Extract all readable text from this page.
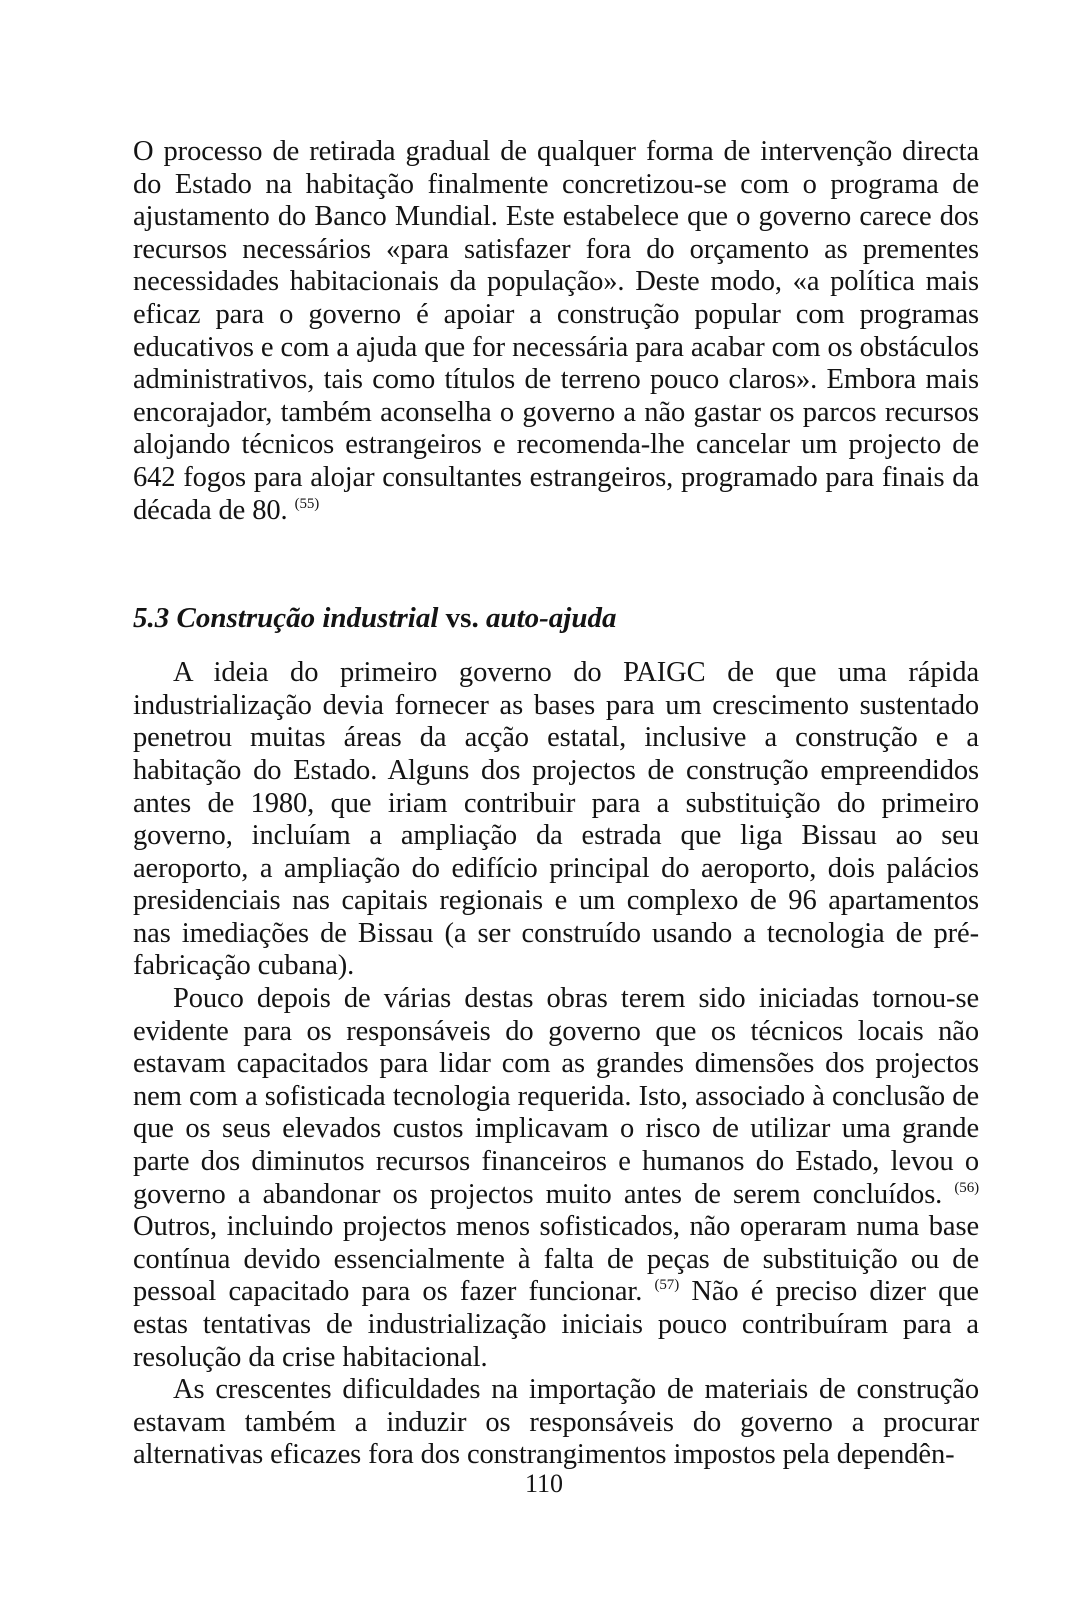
O processo de retirada gradual de qualquer forma de intervenção directa do Estado na habitação finalmente concretizou-se com o programa de ajustamento do Banco Mundial. Este estabelece que o governo carece dos recursos necessários «para satisfazer fora do orçamento as prementes necessidades habitacionais da população». Deste modo, «a política mais eficaz para o governo é apoiar a construção popular com programas educativos e com a ajuda que for necessária para acabar com os obstáculos administrativos, tais como títulos de terreno pouco claros». Embora mais encorajador, também aconselha o governo a não gastar os parcos recursos alojando técnicos estrangeiros e recomenda-lhe cancelar um projecto de 642 fogos para alojar consultantes estrangeiros, programado para finais da década de 80. $^{(55)}$

5.3 Construção industrial vs. auto-ajuda

A ideia do primeiro governo do PAIGC de que uma rápida industrialização devia fornecer as bases para um crescimento sustentado penetrou muitas áreas da acção estatal, inclusive a construção e a habitação do Estado. Alguns dos projectos de construção empreendidos antes de 1980, que iriam contribuir para a substituição do primeiro governo, incluíam a ampliação da estrada que liga Bissau ao seu aeroporto, a ampliação do edifício principal do aeroporto, dois palácios presidenciais nas capitais regionais e um complexo de 96 apartamentos nas imediações de Bissau (a ser construído usando a tecnologia de pré-fabricação cubana).

Pouco depois de várias destas obras terem sido iniciadas tornou-se evidente para os responsáveis do governo que os técnicos locais não estavam capacitados para lidar com as grandes dimensões dos projectos nem com a sofisticada tecnologia requerida. Isto, associado à conclusão de que os seus elevados custos implicavam o risco de utilizar uma grande parte dos diminutos recursos financeiros e humanos do Estado, levou o governo a abandonar os projectos muito antes de serem concluídos. $^{(56)}$ Outros, incluindo projectos menos sofisticados, não operaram numa base contínua devido essencialmente à falta de peças de substituição ou de pessoal capacitado para os fazer funcionar. $^{(57)}$ Não é preciso dizer que estas tentativas de industrialização iniciais pouco contribuíram para a resolução da crise habitacional.

As crescentes dificuldades na importação de materiais de construção estavam também a induzir os responsáveis do governo a procurar alternativas eficazes fora dos constrangimentos impostos pela dependên-

110
